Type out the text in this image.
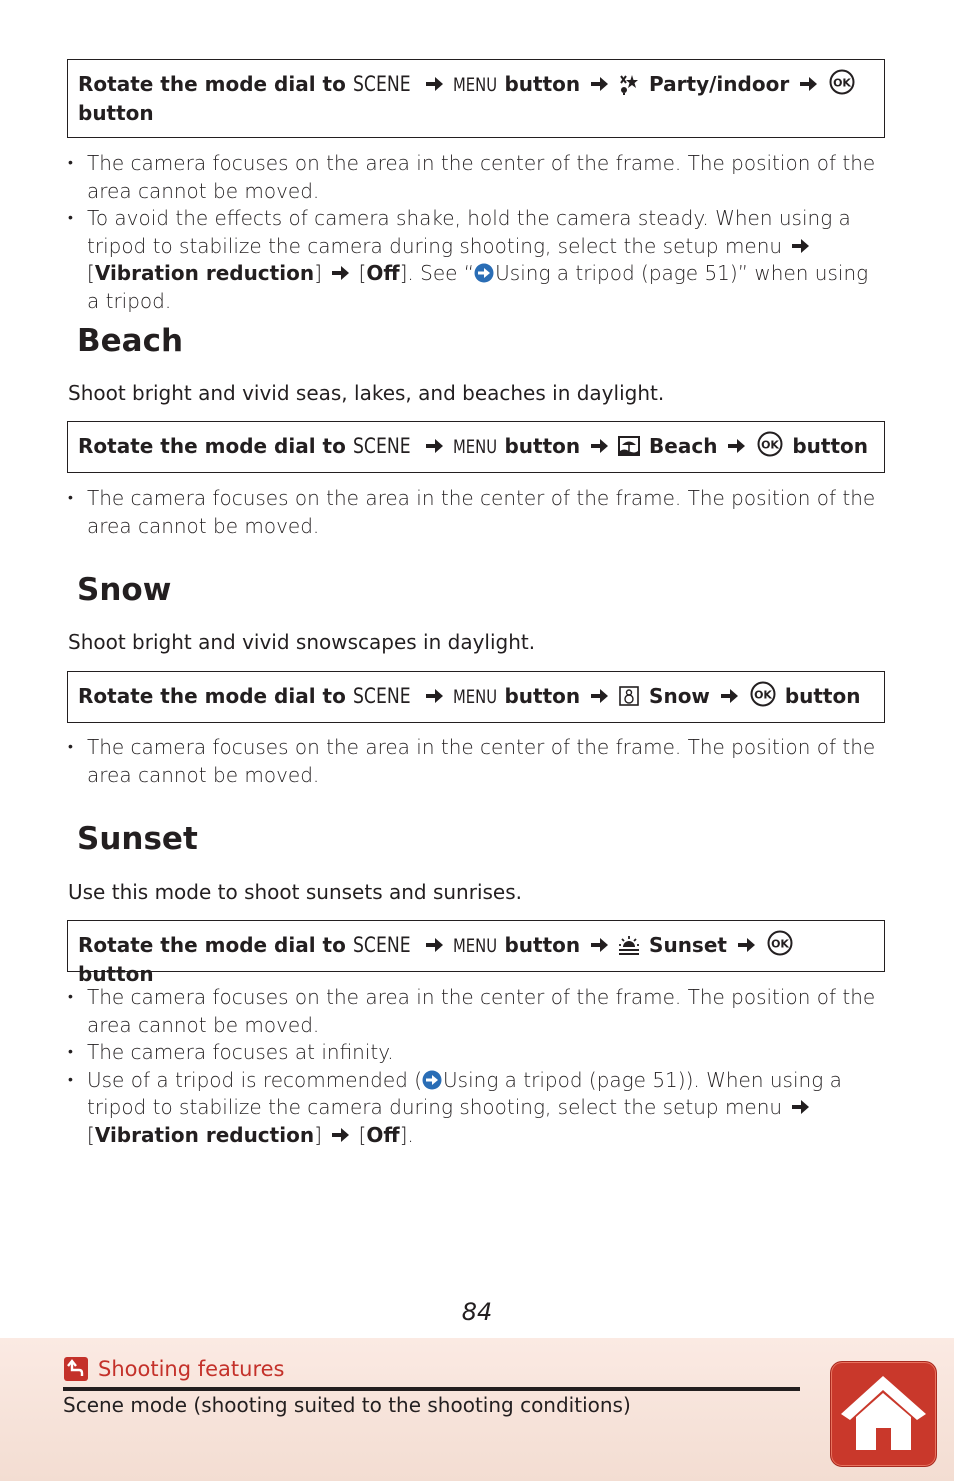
Rotate the mode dial to SCENE MENU button	Party/indoor	OK

button
• The camera focuses on the area in the center of the frame. The position of the area cannot be moved.
• To avoid the effects of camera shake, hold the camera steady. When using a tripod to stabilize the camera during shooting, select the setup menu  [Vibration reduction] [Off]. See “ Using a tripod (page 51)” when using a tripod.
Beach

Shoot bright and vivid seas, lakes, and beaches in daylight.

Rotate the mode dial to SCENE MENU button	Beach	OK button
• The camera focuses on the area in the center of the frame. The position of the area cannot be moved.
Snow

Shoot bright and vivid snowscapes in daylight.

Rotate the mode dial to SCENE MENU button	Snow	OK button
• The camera focuses on the area in the center of the frame. The position of the area cannot be moved.
Sunset

Use this mode to shoot sunsets and sunrises.

Rotate the mode dial to SCENE MENU button	Sunset	OK
button
• The camera focuses on the area in the center of the frame. The position of the area cannot be moved.
• The camera focuses at infinity.
• Use of a tripod is recommended ( Using a tripod (page 51)). When using a tripod to stabilize the camera during shooting, select the setup menu  [Vibration reduction] [Off].
84
Shooting features
Scene mode (shooting suited to the shooting conditions)
